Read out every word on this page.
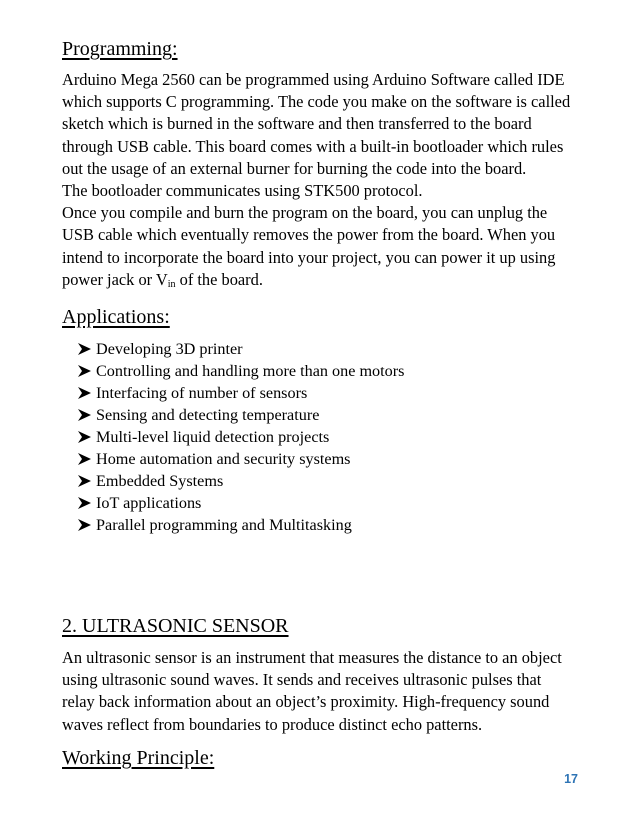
Programming:

Arduino Mega 2560 can be programmed using Arduino Software called IDE
which supports C programming. The code you make on the software is called
sketch which is burned in the software and then transferred to the board
through USB cable. This board comes with a built-in bootloader which rules
out the usage of an external burner for burning the code into the board.
The bootloader communicates using STK500 protocol.
Once you compile and burn the program on the board, you can unplug the
USB cable which eventually removes the power from the board. When you
intend to incorporate the board into your project, you can power it up using
power jack or $V_{in}$ of the board.

Applications:
Developing 3D printer
Controlling and handling more than one motors
Interfacing of number of sensors
Sensing and detecting temperature
Multi-level liquid detection projects
Home automation and security systems
Embedded Systems
IoT applications
Parallel programming and Multitasking
2. ULTRASONIC SENSOR

An ultrasonic sensor is an instrument that measures the distance to an object
using ultrasonic sound waves. It sends and receives ultrasonic pulses that
relay back information about an object’s proximity. High-frequency sound
waves reflect from boundaries to produce distinct echo patterns.

Working Principle:
17
